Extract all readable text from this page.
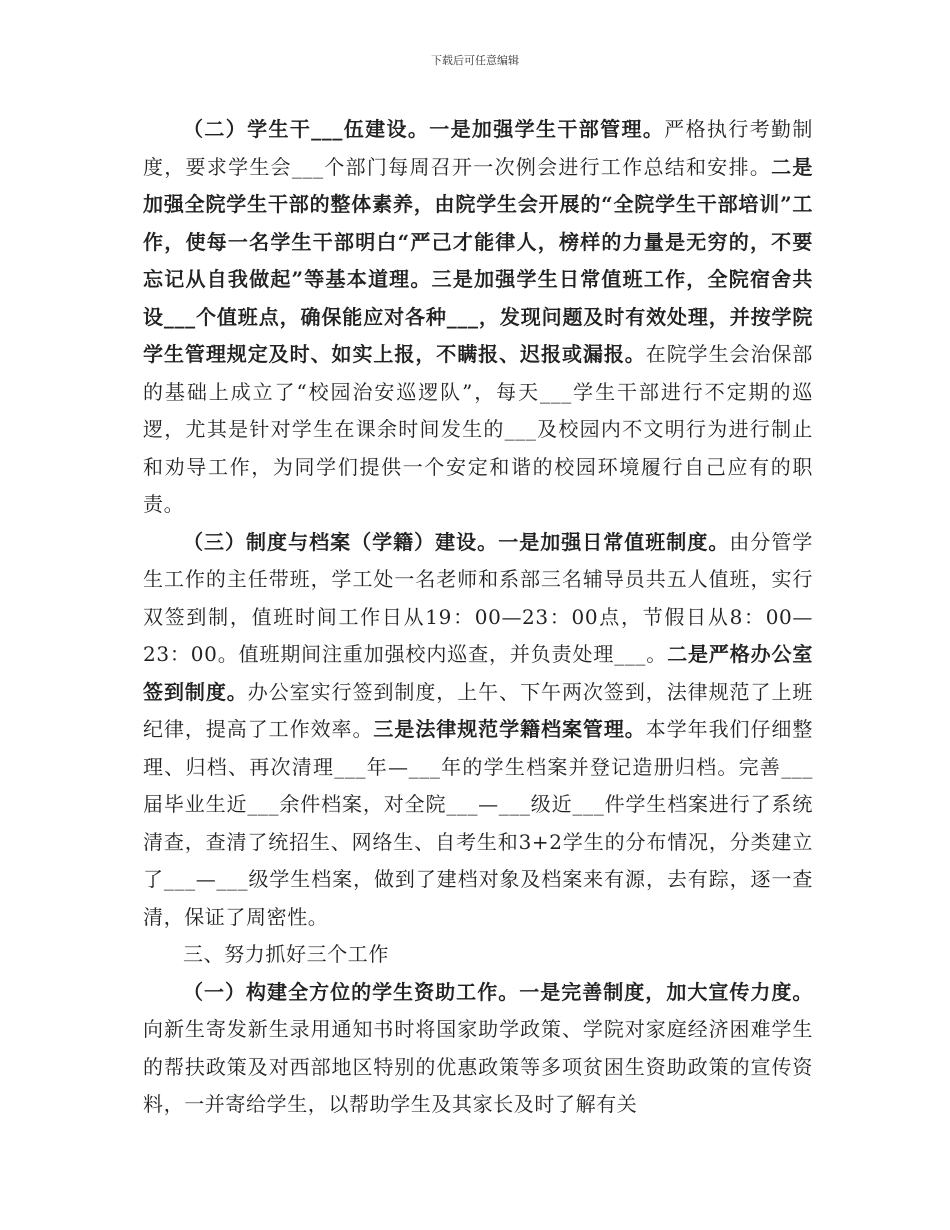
下载后可任意编辑

（二）学生干___伍建设。一是加强学生干部管理。严格执行考勤制度，要求学生会___个部门每周召开一次例会进行工作总结和安排。二是加强全院学生干部的整体素养，由院学生会开展的“全院学生干部培训”工作，使每一名学生干部明白“严己才能律人，榜样的力量是无穷的，不要忘记从自我做起”等基本道理。三是加强学生日常值班工作，全院宿舍共设___个值班点，确保能应对各种___，发现问题及时有效处理，并按学院学生管理规定及时、如实上报，不瞒报、迟报或漏报。在院学生会治保部的基础上成立了“校园治安巡逻队”，每天___学生干部进行不定期的巡逻，尤其是针对学生在课余时间发生的___及校园内不文明行为进行制止和劝导工作，为同学们提供一个安定和谐的校园环境履行自己应有的职责。

（三）制度与档案（学籍）建设。一是加强日常值班制度。由分管学生工作的主任带班，学工处一名老师和系部三名辅导员共五人值班，实行双签到制，值班时间工作日从19：00—23：00点，节假日从8：00—23：00。值班期间注重加强校内巡查，并负责处理___。二是严格办公室签到制度。办公室实行签到制度，上午、下午两次签到，法律规范了上班纪律，提高了工作效率。三是法律规范学籍档案管理。本学年我们仔细整理、归档、再次清理___年—___年的学生档案并登记造册归档。完善___届毕业生近___余件档案，对全院___—___级近___件学生档案进行了系统清查，查清了统招生、网络生、自考生和3+2学生的分布情况，分类建立了___—___级学生档案，做到了建档对象及档案来有源，去有踪，逐一查清，保证了周密性。

三、努力抓好三个工作

（一）构建全方位的学生资助工作。一是完善制度，加大宣传力度。向新生寄发新生录用通知书时将国家助学政策、学院对家庭经济困难学生的帮扶政策及对西部地区特别的优惠政策等多项贫困生资助政策的宣传资料，一并寄给学生，以帮助学生及其家长及时了解有关
